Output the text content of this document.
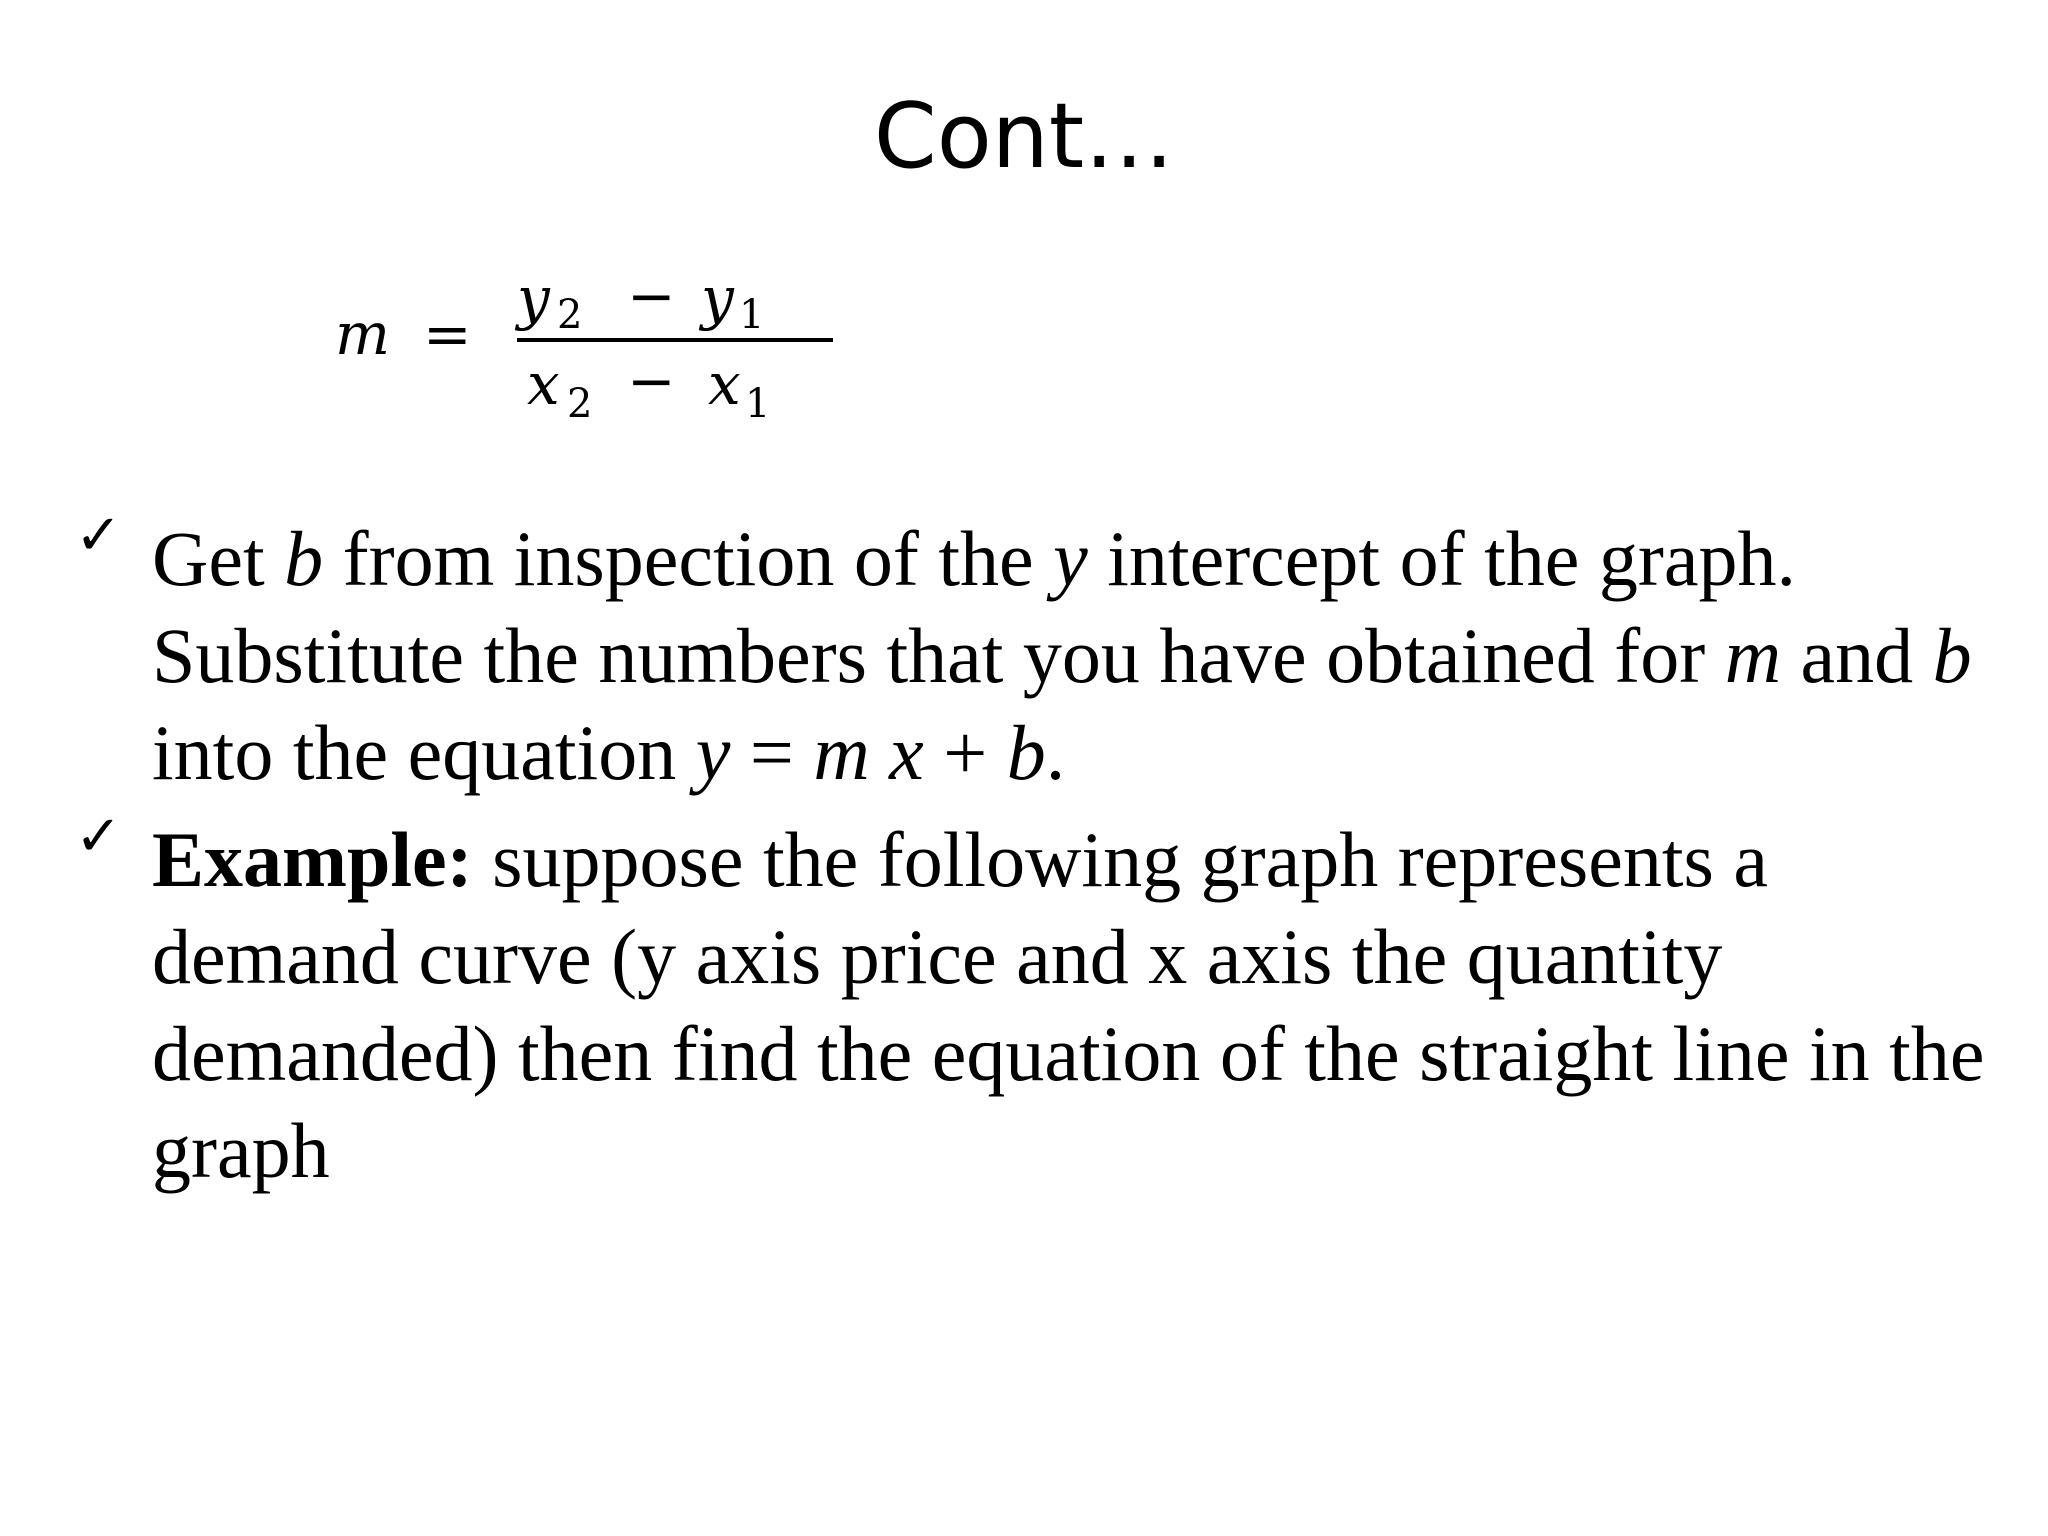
Cont…
m =
y 2 − y 1
x 2 − x 1
✓ Get b from inspection of the y intercept of the graph. Substitute the numbers that you have obtained for m and b into the equation y = m x + b.
✓ Example: suppose the following graph represents a demand curve (y axis price and x axis the quantity demanded) then find the equation of the straight line in the graph
